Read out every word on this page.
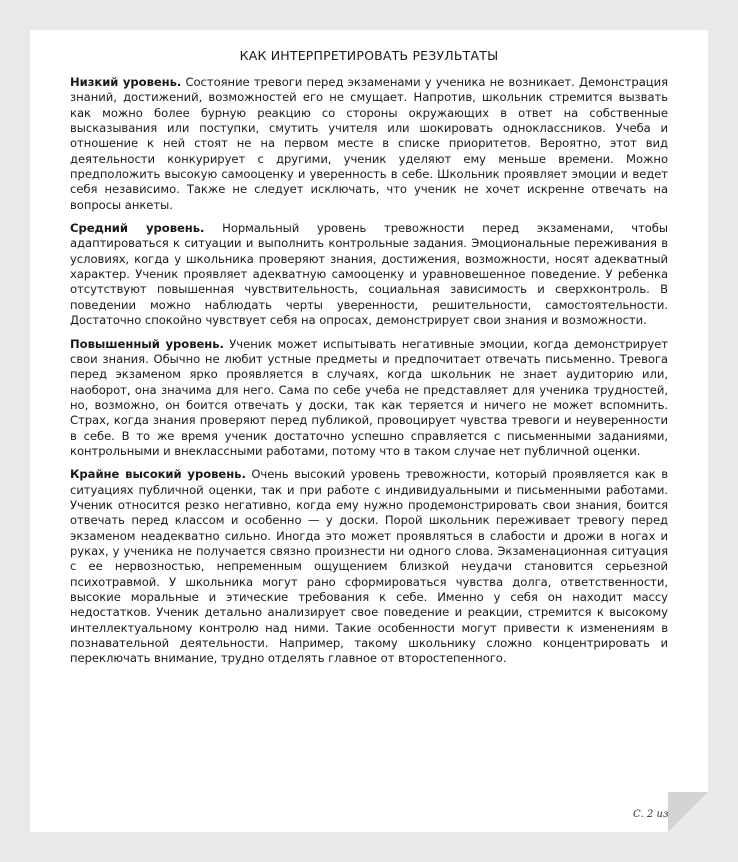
КАК ИНТЕРПРЕТИРОВАТЬ РЕЗУЛЬТАТЫ

Низкий уровень. Состояние тревоги перед экзаменами у ученика не возникает. Демонстрация знаний, достижений, возможностей его не смущает. Напротив, школьник стремится вызвать как можно более бурную реакцию со стороны окружающих в ответ на собственные высказывания или поступки, смутить учителя или шокировать одноклассников. Учеба и отношение к ней стоят не на первом месте в списке приоритетов. Вероятно, этот вид деятельности конкурирует с другими, ученик уделяют ему меньше времени. Можно предположить высокую самооценку и уверенность в себе. Школьник проявляет эмоции и ведет себя независимо. Также не следует исключать, что ученик не хочет искренне отвечать на вопросы анкеты.

Средний уровень. Нормальный уровень тревожности перед экзаменами, чтобы адаптироваться к ситуации и выполнить контрольные задания. Эмоциональные переживания в условиях, когда у школьника проверяют знания, достижения, возможности, носят адекватный характер. Ученик проявляет адекватную самооценку и уравновешенное поведение. У ребенка отсутствуют повышенная чувствительность, социальная зависимость и сверхконтроль. В поведении можно наблюдать черты уверенности, решительности, самостоятельности. Достаточно спокойно чувствует себя на опросах, демонстрирует свои знания и возможности.

Повышенный уровень. Ученик может испытывать негативные эмоции, когда демонстрирует свои знания. Обычно не любит устные предметы и предпочитает отвечать письменно. Тревога перед экзаменом ярко проявляется в случаях, когда школьник не знает аудиторию или, наоборот, она значима для него. Сама по себе учеба не представляет для ученика трудностей, но, возможно, он боится отвечать у доски, так как теряется и ничего не может вспомнить. Страх, когда знания проверяют перед публикой, провоцирует чувства тревоги и неуверенности в себе. В то же время ученик достаточно успешно справляется с письменными заданиями, контрольными и внеклассными работами, потому что в таком случае нет публичной оценки.

Крайне высокий уровень. Очень высокий уровень тревожности, который проявляется как в ситуациях публичной оценки, так и при работе с индивидуальными и письменными работами. Ученик относится резко негативно, когда ему нужно продемонстрировать свои знания, боится отвечать перед классом и особенно — у доски. Порой школьник переживает тревогу перед экзаменом неадекватно сильно. Иногда это может проявляться в слабости и дрожи в ногах и руках, у ученика не получается связно произнести ни одного слова. Экзаменационная ситуация с ее нервозностью, непременным ощущением близкой неудачи становится серьезной психотравмой. У школьника могут рано сформироваться чувства долга, ответственности, высокие моральные и этические требования к себе. Именно у себя он находит массу недостатков. Ученик детально анализирует свое поведение и реакции, стремится к высокому интеллектуальному контролю над ними. Такие особенности могут привести к изменениям в познавательной деятельности. Например, такому школьнику сложно концентрировать и переключать внимание, трудно отделять главное от второстепенного.

С. 2 из 2
